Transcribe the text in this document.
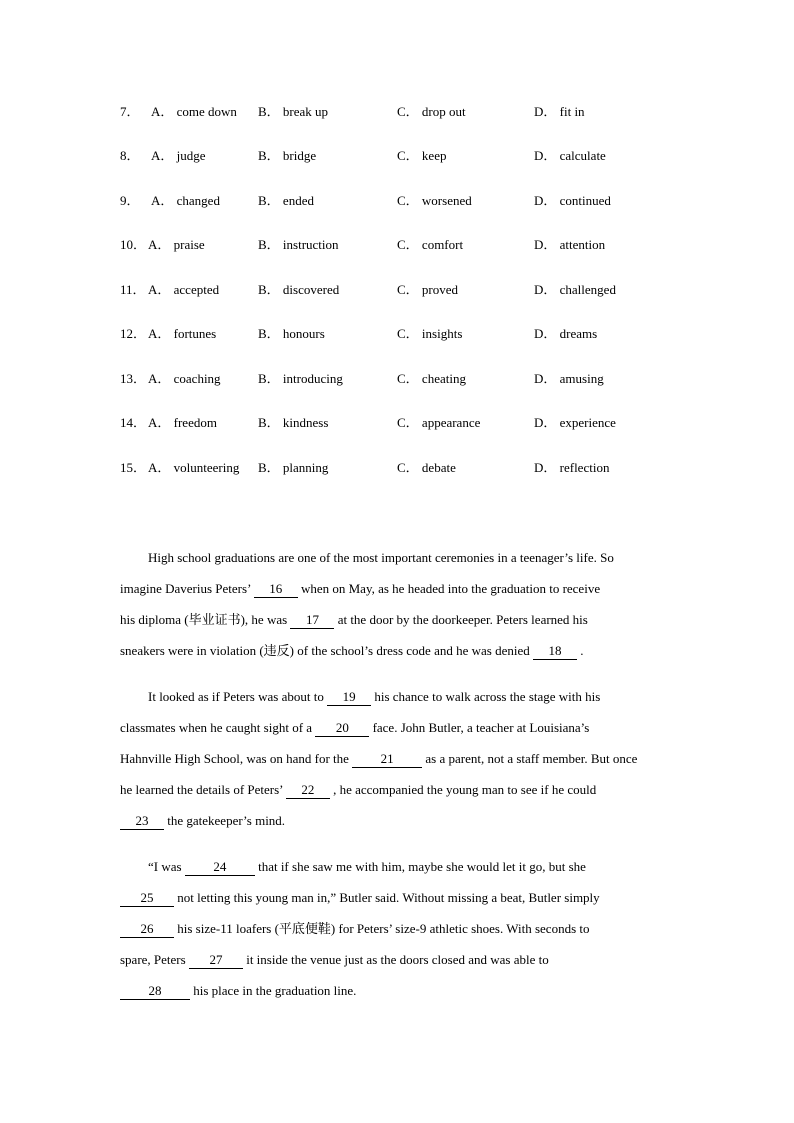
7． A． come down B． break up	C． drop out	D． fit in
8． A． judge	B． bridge	C． keep	D． calculate
9． A． changed	B． ended	C． worsened	D． continued
10． A． praise	B． instruction	C． comfort	D． attention
11． A． accepted	B． discovered	C． proved	D． challenged
12． A． fortunes	B． honours	C． insights	D． dreams
13． A． coaching	B． introducing	C． cheating	D． amusing
14． A． freedom	B． kindness	C． appearance	D． experience
15． A． volunteering B． planning	C． debate	D． reflection
High school graduations are one of the most important ceremonies in a teenager’s life. So
imagine Daverius Peters’ 16 when on May, as he headed into the graduation to receive
his diploma (毕业证书), he was 17 at the door by the doorkeeper. Peters learned his
sneakers were in violation (违反) of the school’s dress code and he was denied 18 .
It looked as if Peters was about to 19 his chance to walk across the stage with his
classmates when he caught sight of a 20 face. John Butler, a teacher at Louisiana’s
Hahnville High School, was on hand for the 21 as a parent, not a staff member. But once
he learned the details of Peters’ 22 , he accompanied the young man to see if he could
23 the gatekeeper’s mind.
“I was 24 that if she saw me with him, maybe she would let it go, but she
25 not letting this young man in,” Butler said. Without missing a beat, Butler simply
26 his size-11 loafers (平底便鞋) for Peters’ size-9 athletic shoes. With seconds to
spare, Peters 27 it inside the venue just as the doors closed and was able to
28 his place in the graduation line.
